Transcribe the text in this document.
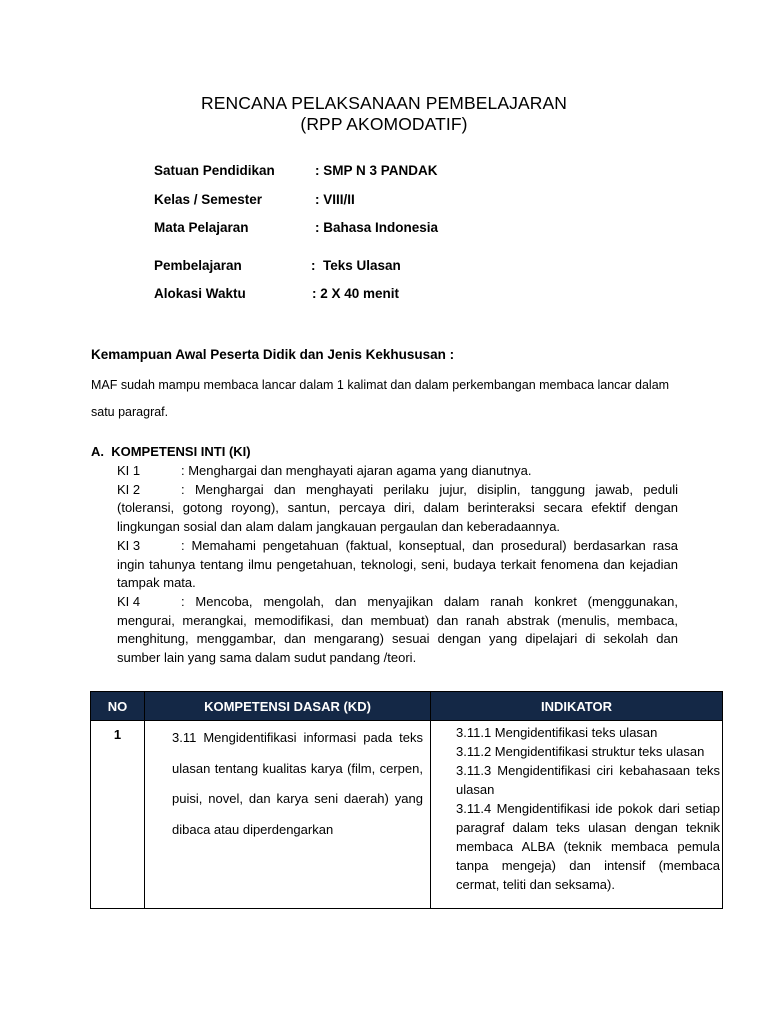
RENCANA PELAKSANAAN PEMBELAJARAN
(RPP AKOMODATIF)
Satuan Pendidikan	: SMP N 3 PANDAK
Kelas / Semester	: VIII/II
Mata Pelajaran	: Bahasa Indonesia
Pembelajaran	:  Teks Ulasan
Alokasi Waktu	: 2 X 40 menit
Kemampuan Awal Peserta Didik dan Jenis Kekhususan :
MAF sudah mampu membaca lancar dalam 1 kalimat dan dalam perkembangan membaca lancar dalam satu paragraf.
A.  KOMPETENSI INTI (KI)

KI 1	: Menghargai dan menghayati ajaran agama yang dianutnya.

KI 2	: Menghargai dan menghayati perilaku jujur, disiplin, tanggung jawab, peduli (toleransi, gotong royong), santun, percaya diri, dalam berinteraksi secara efektif dengan lingkungan sosial dan alam dalam jangkauan pergaulan dan keberadaannya.

KI 3	: Memahami pengetahuan (faktual, konseptual, dan prosedural) berdasarkan rasa ingin tahunya tentang ilmu pengetahuan, teknologi, seni, budaya terkait fenomena dan kejadian tampak mata.

KI 4	: Mencoba, mengolah, dan menyajikan dalam ranah konkret (menggunakan, mengurai, merangkai, memodifikasi, dan membuat) dan ranah abstrak (menulis, membaca, menghitung, menggambar, dan mengarang) sesuai dengan yang dipelajari di sekolah dan sumber lain yang sama dalam sudut pandang /teori.

NO	KOMPETENSI DASAR (KD)	INDIKATOR
1	3.11 Mengidentifikasi informasi pada teks ulasan tentang kualitas karya (film, cerpen, puisi, novel, dan karya seni daerah) yang dibaca atau diperdengarkan	3.11.1 Mengidentifikasi teks ulasan
3.11.2 Mengidentifikasi struktur teks ulasan
3.11.3 Mengidentifikasi ciri kebahasaan teks ulasan
3.11.4 Mengidentifikasi ide pokok dari setiap paragraf dalam teks ulasan dengan teknik membaca ALBA (teknik membaca pemula tanpa mengeja) dan intensif (membaca cermat, teliti dan seksama).
